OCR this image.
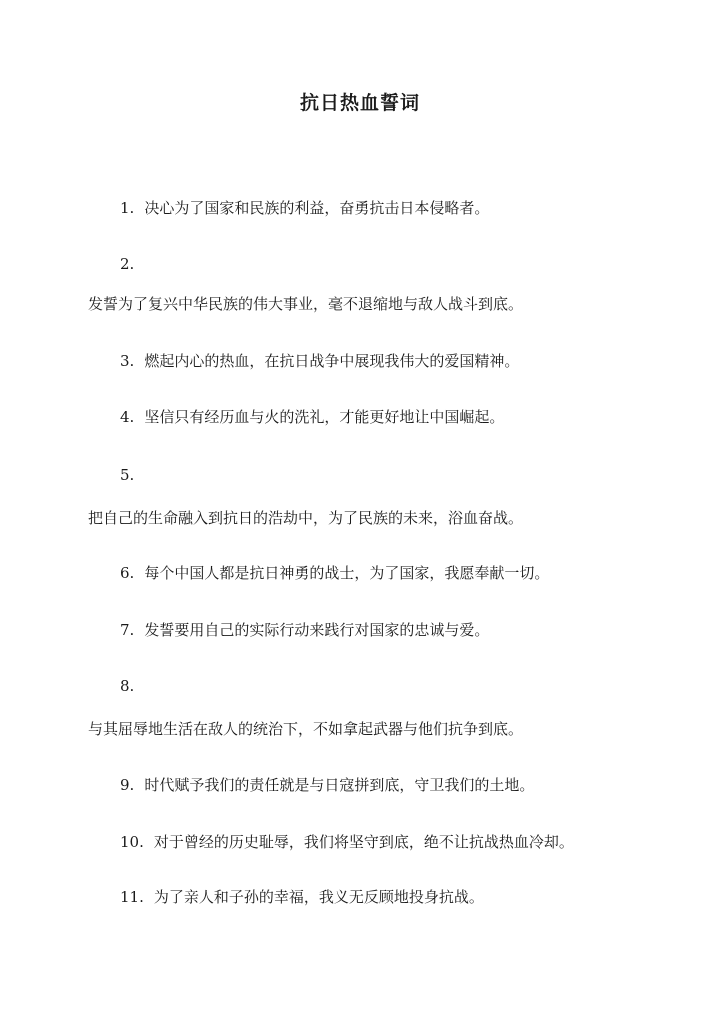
抗日热血誓词
1. 决心为了国家和民族的利益，奋勇抗击日本侵略者。
2.
发誓为了复兴中华民族的伟大事业，毫不退缩地与敌人战斗到底。
3. 燃起内心的热血，在抗日战争中展现我伟大的爱国精神。
4. 坚信只有经历血与火的洗礼，才能更好地让中国崛起。
5.
把自己的生命融入到抗日的浩劫中，为了民族的未来，浴血奋战。
6. 每个中国人都是抗日神勇的战士，为了国家，我愿奉献一切。
7. 发誓要用自己的实际行动来践行对国家的忠诚与爱。
8.
与其屈辱地生活在敌人的统治下，不如拿起武器与他们抗争到底。
9. 时代赋予我们的责任就是与日寇拼到底，守卫我们的土地。
10. 对于曾经的历史耻辱，我们将坚守到底，绝不让抗战热血冷却。
11. 为了亲人和子孙的幸福，我义无反顾地投身抗战。
